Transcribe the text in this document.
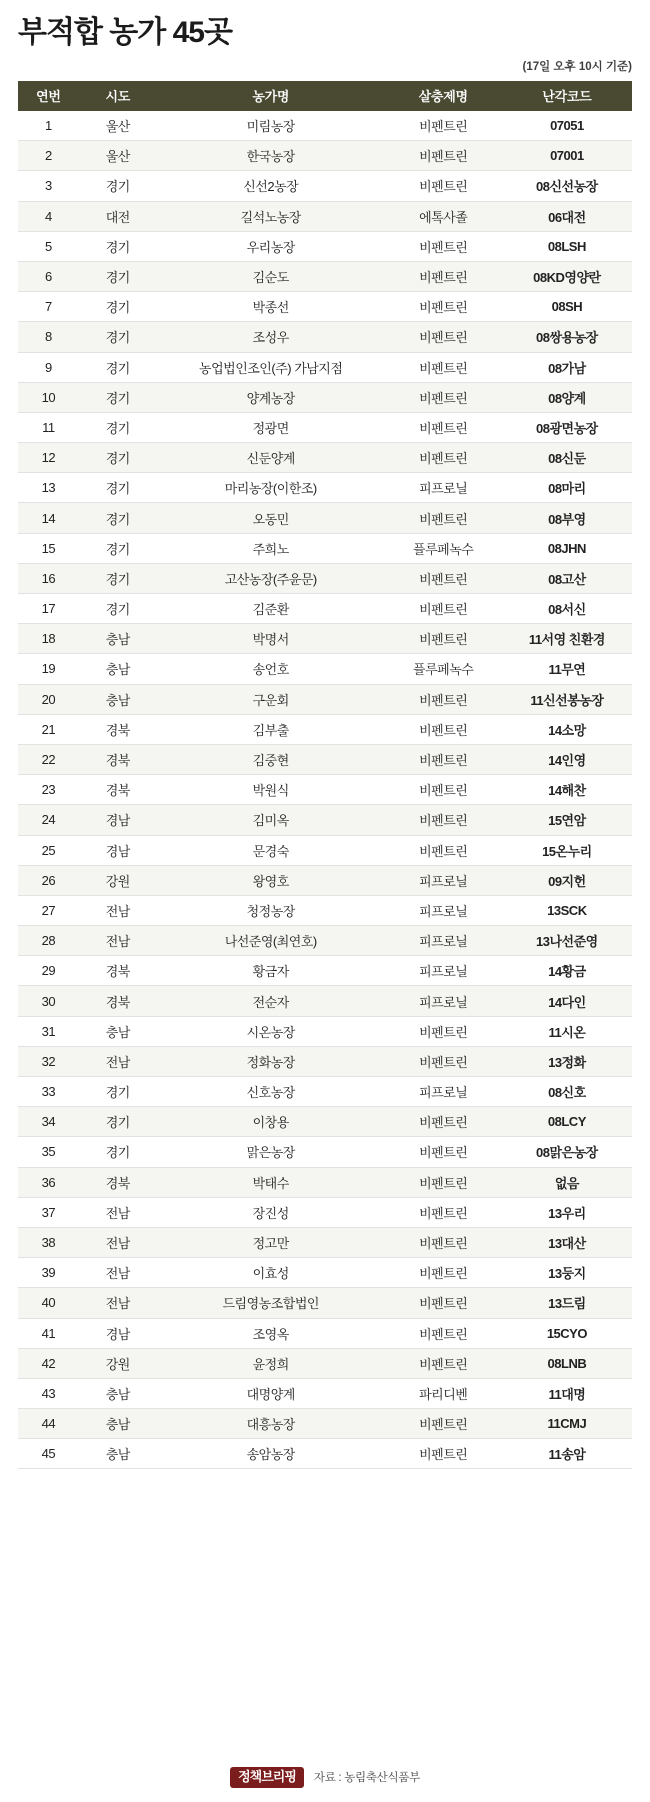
부적합 농가 45곳
(17일 오후 10시 기준)
연번	시도	농가명	살충제명	난각코드
1	울산	미림농장	비펜트린	07051
2	울산	한국농장	비펜트린	07001
3	경기	신선2농장	비펜트린	08신선농장
4	대전	길석노농장	에톡사졸	06대전
5	경기	우리농장	비펜트린	08LSH
6	경기	김순도	비펜트린	08KD영양란
7	경기	박종선	비펜트린	08SH
8	경기	조성우	비펜트린	08쌍용농장
9	경기	농업법인조인(주) 가남지점	비펜트린	08가남
10	경기	양계농장	비펜트린	08양계
11	경기	정광면	비펜트린	08광면농장
12	경기	신둔양계	비펜트린	08신둔
13	경기	마리농장(이한조)	피프로닐	08마리
14	경기	오동민	비펜트린	08부영
15	경기	주희노	플루페녹수	08JHN
16	경기	고산농장(주윤문)	비펜트린	08고산
17	경기	김준환	비펜트린	08서신
18	충남	박명서	비펜트린	11서영 친환경
19	충남	송언호	플루페녹수	11무연
20	충남	구운회	비펜트린	11신선봉농장
21	경북	김부출	비펜트린	14소망
22	경북	김중현	비펜트린	14인영
23	경북	박원식	비펜트린	14해찬
24	경남	김미옥	비펜트린	15연암
25	경남	문경숙	비펜트린	15온누리
26	강원	왕영호	피프로닐	09지헌
27	전남	청정농장	피프로닐	13SCK
28	전남	나선준영(최연호)	피프로닐	13나선준영
29	경북	황금자	피프로닐	14황금
30	경북	전순자	피프로닐	14다인
31	충남	시온농장	비펜트린	11시온
32	전남	정화농장	비펜트린	13정화
33	경기	신호농장	피프로닐	08신호
34	경기	이창용	비펜트린	08LCY
35	경기	맑은농장	비펜트린	08맑은농장
36	경북	박태수	비펜트린	없음
37	전남	장진성	비펜트린	13우리
38	전남	정고만	비펜트린	13대산
39	전남	이효성	비펜트린	13둥지
40	전남	드림영농조합법인	비펜트린	13드림
41	경남	조영옥	비펜트린	15CYO
42	강원	윤정희	비펜트린	08LNB
43	충남	대명양계	파리디벤	11대명
44	충남	대흥농장	비펜트린	11CMJ
45	충남	송암농장	비펜트린	11송암
정책브리핑	자료 : 농림축산식품부
